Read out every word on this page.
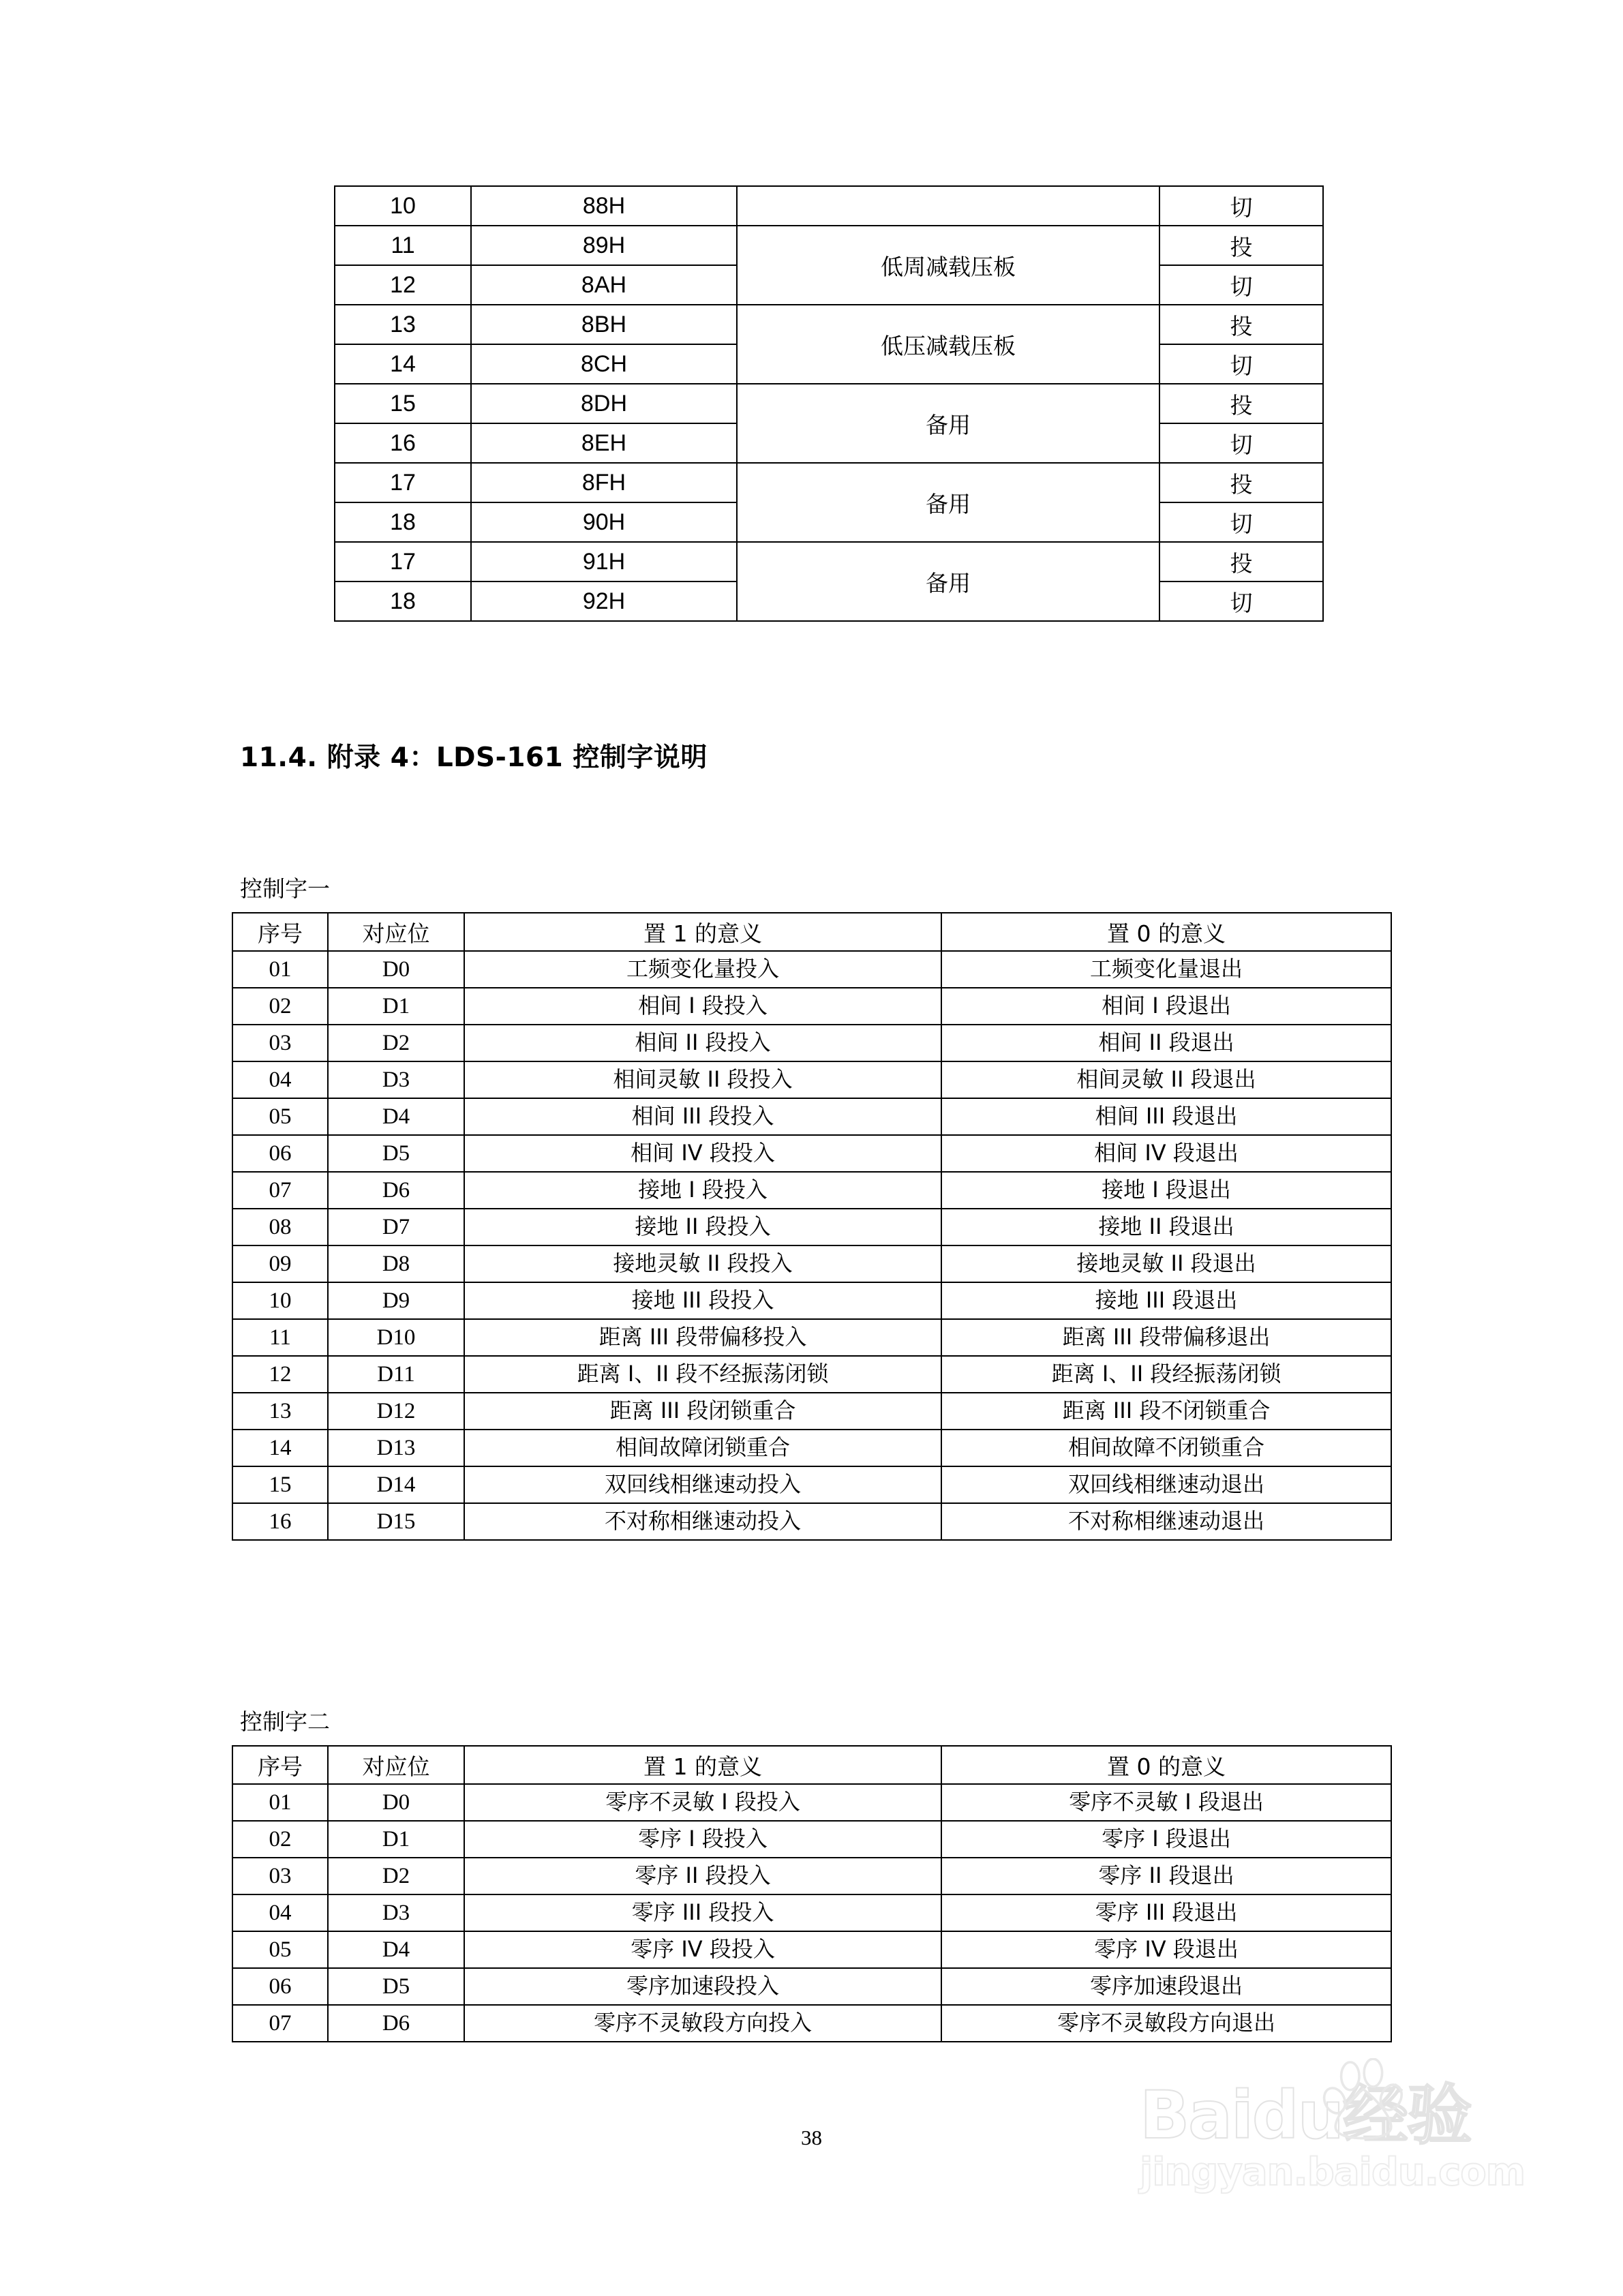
10	88H		切
11	89H	低周减载压板	投
12	8AH		切
13	8BH	低压减载压板	投
14	8CH		切
15	8DH	备用	投
16	8EH		切
17	8FH	备用	投
18	90H		切
17	91H	备用	投
18	92H		切
11.4. 附录 4：LDS-161 控制字说明
控制字一
序号	对应位	置 1 的意义	置 0 的意义
01	D0	工频变化量投入	工频变化量退出
02	D1	相间 I 段投入	相间 I 段退出
03	D2	相间 II 段投入	相间 II 段退出
04	D3	相间灵敏 II 段投入	相间灵敏 II 段退出
05	D4	相间 III 段投入	相间 III 段退出
06	D5	相间 IV 段投入	相间 IV 段退出
07	D6	接地 I 段投入	接地 I 段退出
08	D7	接地 II 段投入	接地 II 段退出
09	D8	接地灵敏 II 段投入	接地灵敏 II 段退出
10	D9	接地 III 段投入	接地 III 段退出
11	D10	距离 III 段带偏移投入	距离 III 段带偏移退出
12	D11	距离 I、II 段不经振荡闭锁	距离 I、II 段经振荡闭锁
13	D12	距离 III 段闭锁重合	距离 III 段不闭锁重合
14	D13	相间故障闭锁重合	相间故障不闭锁重合
15	D14	双回线相继速动投入	双回线相继速动退出
16	D15	不对称相继速动投入	不对称相继速动退出
控制字二
序号	对应位	置 1 的意义	置 0 的意义
01	D0	零序不灵敏 I 段投入	零序不灵敏 I 段退出
02	D1	零序 I 段投入	零序 I 段退出
03	D2	零序 II 段投入	零序 II 段退出
04	D3	零序 III 段投入	零序 III 段退出
05	D4	零序 IV 段投入	零序 IV 段退出
06	D5	零序加速段投入	零序加速段退出
07	D6	零序不灵敏段方向投入	零序不灵敏段方向退出
38	Baidu 经验
jingyan.baidu.com
